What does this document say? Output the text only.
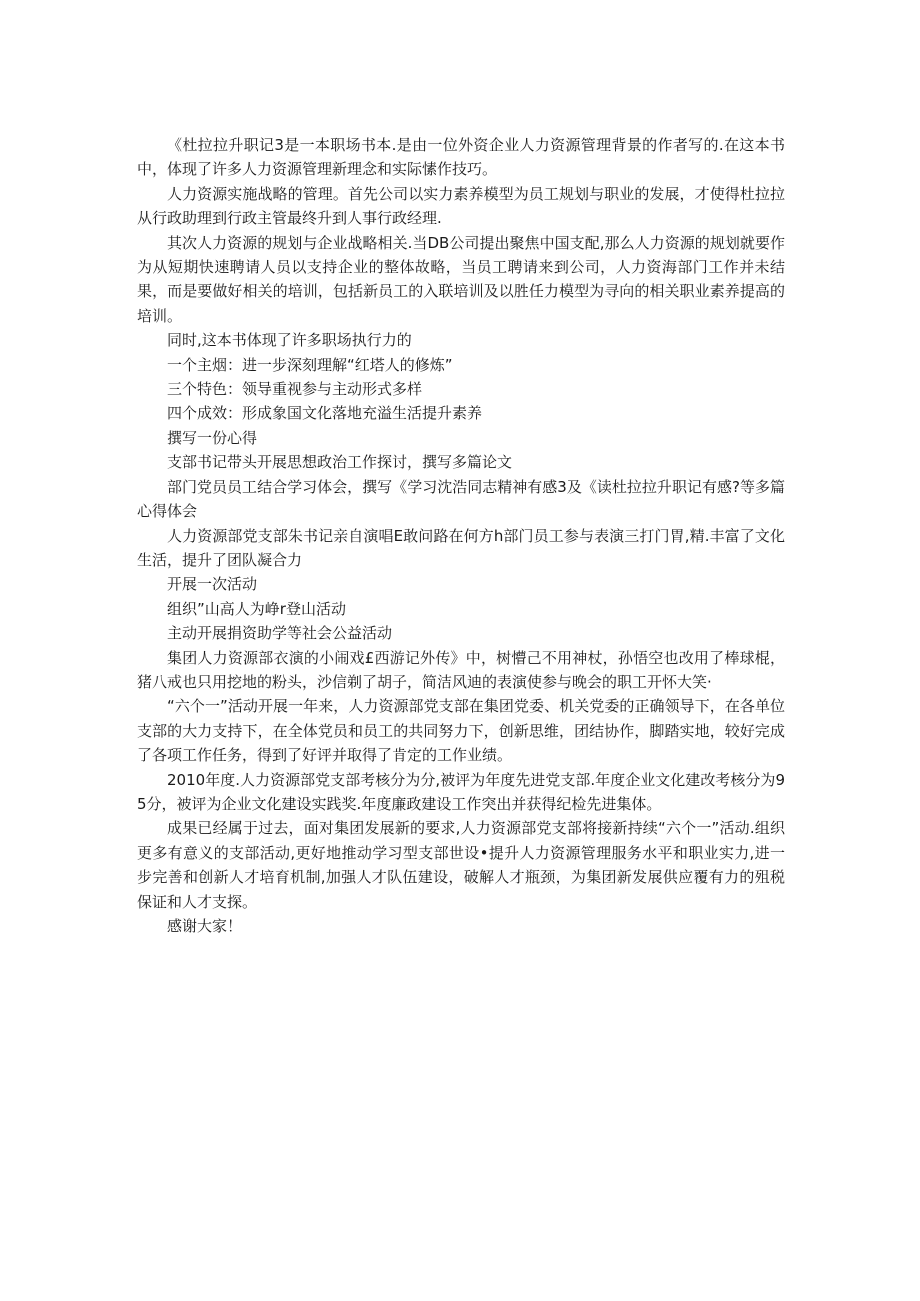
《杜拉拉升职记3是一本职场书本.是由一位外资企业人力资源管理背景的作者写的.在这本书中，体现了许多人力资源管理新理念和实际愫作技巧。

人力资源实施战略的管理。首先公司以实力素养模型为员工规划与职业的发展，才使得杜拉拉从行政助理到行政主管最终升到人事行政经理.

其次人力资源的规划与企业战略相关.当DB公司提出聚焦中国支配,那么人力资源的规划就要作为从短期快速聘请人员以支持企业的整体故略，当员工聘请来到公司，人力资海部门工作并未结果，而是要做好相关的培训，包括新员工的入联培训及以胜任力模型为寻向的相关职业素养提高的培训。

同时,这本书体现了许多职场执行力的

一个主烟：进一步深刻理解“红塔人的修炼”

三个特色：领导重视参与主动形式多样

四个成效：形成象国文化落地充溢生活提升素养

撰写一份心得

支部书记带头开展思想政治工作探讨，撰写多篇论文

部门党员员工结合学习体会，撰写《学习沈浩同志精神有感3及《读杜拉拉升职记有感?等多篇心得体会

人力资源部党支部朱书记亲自演唱E敢问路在何方h部门员工参与表演三打门胃,精.丰富了文化生活，提升了团队凝合力

开展一次活动

组织”山高人为峥r登山活动

主动开展捐资助学等社会公益活动

集团人力资源部衣演的小闹戏£西游记外传》中，树懵己不用神杖，孙悟空也改用了棒球棍，猪八戒也只用挖地的粉头，沙信剃了胡子，简洁风迪的表演使参与晚会的职工开怀大笑·

“六个一”活动开展一年来，人力资源部党支部在集团党委、机关党委的正确领导下，在各单位支部的大力支持下，在全体党员和员工的共同努力下，创新思维，团结协作，脚踏实地，较好完成了各项工作任务，得到了好评并取得了肯定的工作业绩。

2010年度.人力资源部党支部考核分为分,被评为年度先进党支部.年度企业文化建改考核分为95分，被评为企业文化建设实践奖.年度廉政建设工作突出并获得纪检先进集体。

成果已经属于过去，面对集团发展新的要求,人力资源部党支部将接新持续“六个一”活动.组织更多有意义的支部活动,更好地推动学习型支部世设•提升人力资源管理服务水平和职业实力,进一步完善和创新人才培育机制,加强人才队伍建设，破解人才瓶颈，为集团新发展供应覆有力的殂税保证和人才支探。

感谢大家！
